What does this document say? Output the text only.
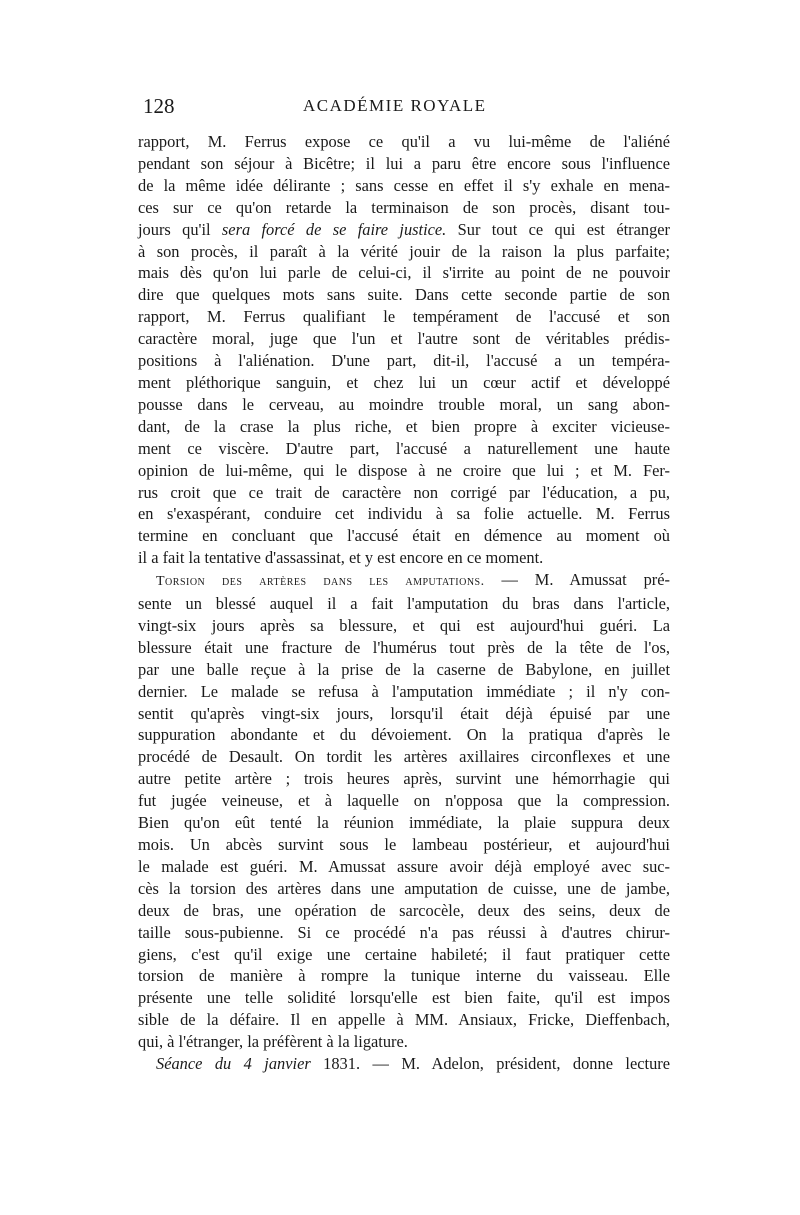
128	ACADÉMIE ROYALE
rapport, M. Ferrus expose ce qu'il a vu lui-même de l'aliéné
pendant son séjour à Bicêtre; il lui a paru être encore sous l'influence
de la même idée délirante ; sans cesse en effet il s'y exhale en mena-
ces sur ce qu'on retarde la terminaison de son procès, disant tou-
jours qu'il sera forcé de se faire justice. Sur tout ce qui est étranger
à son procès, il paraît à la vérité jouir de la raison la plus parfaite;
mais dès qu'on lui parle de celui-ci, il s'irrite au point de ne pouvoir
dire que quelques mots sans suite. Dans cette seconde partie de son
rapport, M. Ferrus qualifiant le tempérament de l'accusé et son
caractère moral, juge que l'un et l'autre sont de véritables prédis-
positions à l'aliénation. D'une part, dit-il, l'accusé a un tempéra-
ment pléthorique sanguin, et chez lui un cœur actif et développé
pousse dans le cerveau, au moindre trouble moral, un sang abon-
dant, de la crase la plus riche, et bien propre à exciter vicieuse-
ment ce viscère. D'autre part, l'accusé a naturellement une haute
opinion de lui-même, qui le dispose à ne croire que lui ; et M. Fer-
rus croit que ce trait de caractère non corrigé par l'éducation, a pu,
en s'exaspérant, conduire cet individu à sa folie actuelle. M. Ferrus
termine en concluant que l'accusé était en démence au moment où
il a fait la tentative d'assassinat, et y est encore en ce moment.
Torsion des artères dans les amputations. — M. Amussat pré-
sente un blessé auquel il a fait l'amputation du bras dans l'article,
vingt-six jours après sa blessure, et qui est aujourd'hui guéri. La
blessure était une fracture de l'humérus tout près de la tête de l'os,
par une balle reçue à la prise de la caserne de Babylone, en juillet
dernier. Le malade se refusa à l'amputation immédiate ; il n'y con-
sentit qu'après vingt-six jours, lorsqu'il était déjà épuisé par une
suppuration abondante et du dévoiement. On la pratiqua d'après le
procédé de Desault. On tordit les artères axillaires circonflexes et une
autre petite artère ; trois heures après, survint une hémorrhagie qui
fut jugée veineuse, et à laquelle on n'opposa que la compression.
Bien qu'on eût tenté la réunion immédiate, la plaie suppura deux
mois. Un abcès survint sous le lambeau postérieur, et aujourd'hui
le malade est guéri. M. Amussat assure avoir déjà employé avec suc-
cès la torsion des artères dans une amputation de cuisse, une de jambe,
deux de bras, une opération de sarcocèle, deux des seins, deux de
taille sous-pubienne. Si ce procédé n'a pas réussi à d'autres chirur-
giens, c'est qu'il exige une certaine habileté; il faut pratiquer cette
torsion de manière à rompre la tunique interne du vaisseau. Elle
présente une telle solidité lorsqu'elle est bien faite, qu'il est impos
sible de la défaire. Il en appelle à MM. Ansiaux, Fricke, Dieffenbach,
qui, à l'étranger, la préfèrent à la ligature.
Séance du 4 janvier 1831. — M. Adelon, président, donne lecture
